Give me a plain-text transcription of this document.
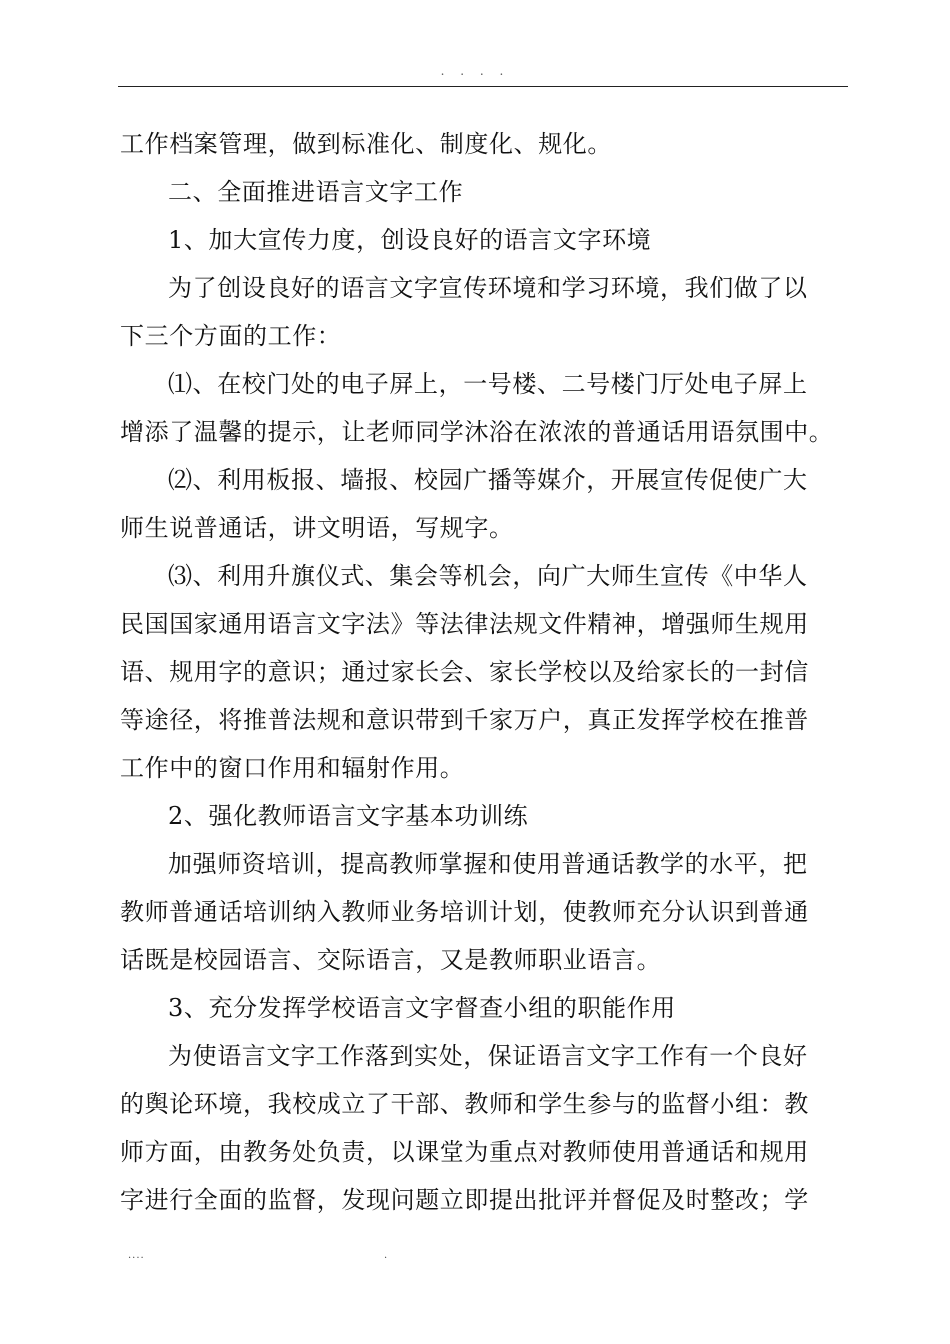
. . . .
工作档案管理，做到标准化、制度化、规化。
二、全面推进语言文字工作
1、加大宣传力度，创设良好的语言文字环境
为了创设良好的语言文字宣传环境和学习环境，我们做了以
下三个方面的工作：
⑴、在校门处的电子屏上，一号楼、二号楼门厅处电子屏上
增添了温馨的提示，让老师同学沐浴在浓浓的普通话用语氛围中。
⑵、利用板报、墙报、校园广播等媒介，开展宣传促使广大
师生说普通话，讲文明语，写规字。
⑶、利用升旗仪式、集会等机会，向广大师生宣传《中华人
民国国家通用语言文字法》等法律法规文件精神，增强师生规用
语、规用字的意识；通过家长会、家长学校以及给家长的一封信
等途径，将推普法规和意识带到千家万户，真正发挥学校在推普
工作中的窗口作用和辐射作用。
2、强化教师语言文字基本功训练
加强师资培训，提高教师掌握和使用普通话教学的水平，把
教师普通话培训纳入教师业务培训计划，使教师充分认识到普通
话既是校园语言、交际语言，又是教师职业语言。
3、充分发挥学校语言文字督查小组的职能作用
为使语言文字工作落到实处，保证语言文字工作有一个良好
的舆论环境，我校成立了干部、教师和学生参与的监督小组：教
师方面，由教务处负责，以课堂为重点对教师使用普通话和规用
字进行全面的监督，发现问题立即提出批评并督促及时整改；学
....	.
